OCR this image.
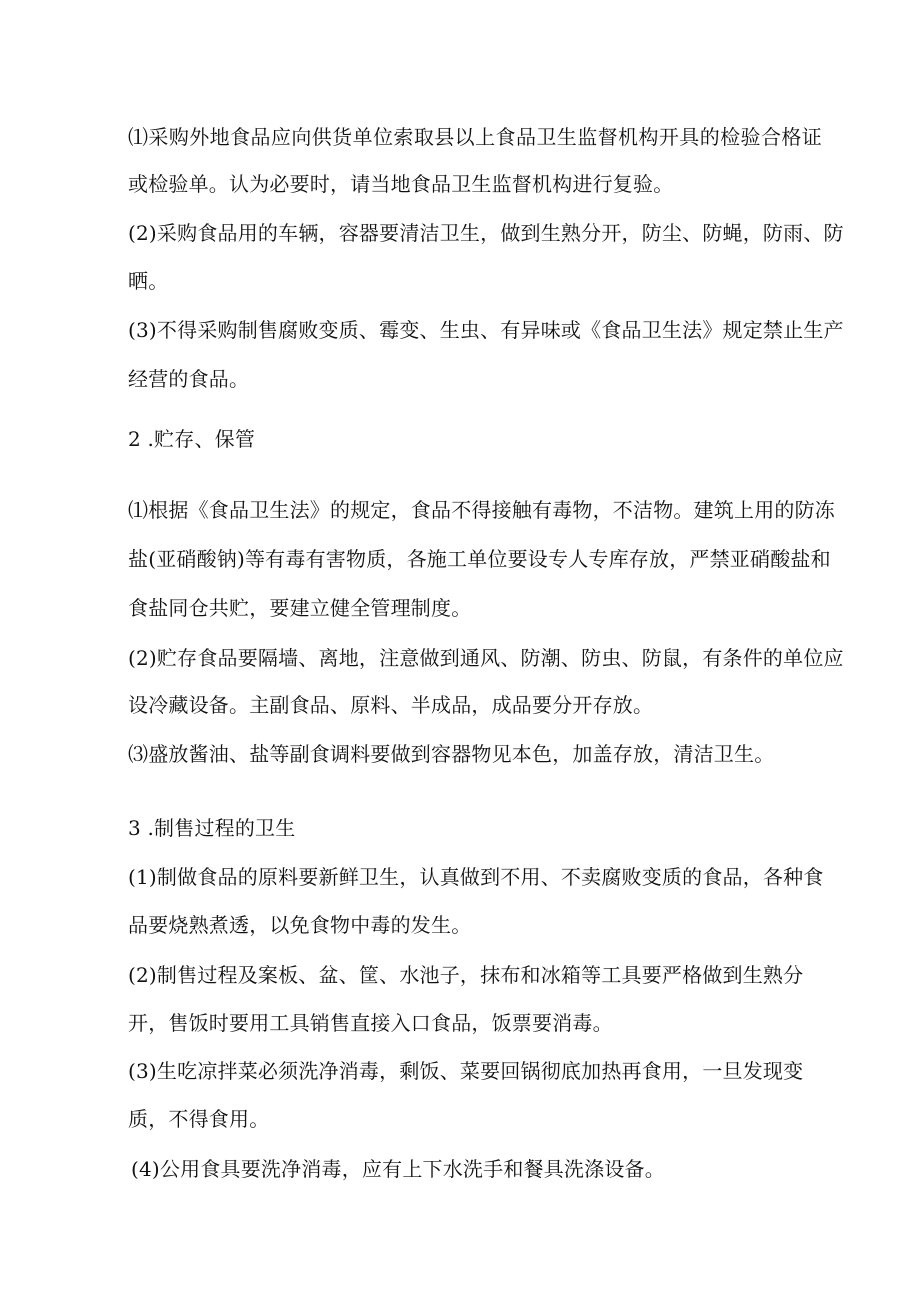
⑴采购外地食品应向供货单位索取县以上食品卫生监督机构开具的检验合格证
或检验单。认为必要时，请当地食品卫生监督机构进行复验。
(2)采购食品用的车辆，容器要清洁卫生，做到生熟分开，防尘、防蝇，防雨、防
晒。
(3)不得采购制售腐败变质、霉变、生虫、有异味或《食品卫生法》规定禁止生产
经营的食品。
2 .贮存、保管
⑴根据《食品卫生法》的规定，食品不得接触有毒物，不洁物。建筑上用的防冻
盐(亚硝酸钠)等有毒有害物质，各施工单位要设专人专库存放，严禁亚硝酸盐和
食盐同仓共贮，要建立健全管理制度。
(2)贮存食品要隔墙、离地，注意做到通风、防潮、防虫、防鼠，有条件的单位应
设冷藏设备。主副食品、原料、半成品，成品要分开存放。
⑶盛放酱油、盐等副食调料要做到容器物见本色，加盖存放，清洁卫生。
3 .制售过程的卫生
(1)制做食品的原料要新鲜卫生，认真做到不用、不卖腐败变质的食品，各种食
品要烧熟煮透，以免食物中毒的发生。
(2)制售过程及案板、盆、筐、水池子，抹布和冰箱等工具要严格做到生熟分
开，售饭时要用工具销售直接入口食品，饭票要消毒。
(3)生吃凉拌菜必须洗净消毒，剩饭、菜要回锅彻底加热再食用，一旦发现变
质，不得食用。
(4)公用食具要洗净消毒，应有上下水洗手和餐具洗涤设备。
